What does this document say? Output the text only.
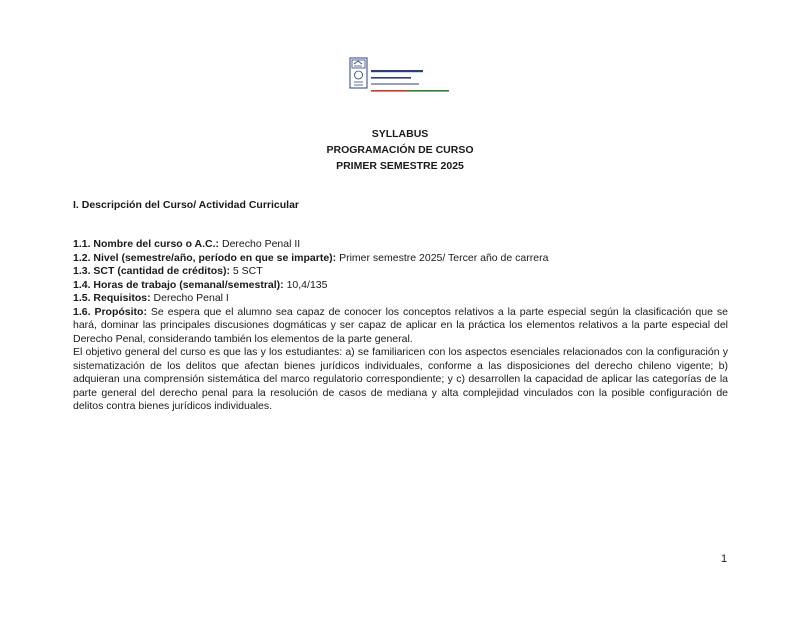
SYLLABUS
PROGRAMACIÓN DE CURSO
PRIMER SEMESTRE 2025
I. Descripción del Curso/ Actividad Curricular

1.1. Nombre del curso o A.C.: Derecho Penal II

1.2. Nivel (semestre/año, período en que se imparte): Primer semestre 2025/ Tercer año de carrera

1.3. SCT (cantidad de créditos): 5 SCT

1.4. Horas de trabajo (semanal/semestral): 10,4/135

1.5. Requisitos: Derecho Penal I

1.6. Propósito: Se espera que el alumno sea capaz de conocer los conceptos relativos a la parte especial según la clasificación que se hará, dominar las principales discusiones dogmáticas y ser capaz de aplicar en la práctica los elementos relativos a la parte especial del Derecho Penal, considerando también los elementos de la parte general.

El objetivo general del curso es que las y los estudiantes: a) se familiaricen con los aspectos esenciales relacionados con la configuración y sistematización de los delitos que afectan bienes jurídicos individuales, conforme a las disposiciones del derecho chileno vigente; b) adquieran una comprensión sistemática del marco regulatorio correspondiente; y c) desarrollen la capacidad de aplicar las categorías de la parte general del derecho penal para la resolución de casos de mediana y alta complejidad vinculados con la posible configuración de delitos contra bienes jurídicos individuales.

1
